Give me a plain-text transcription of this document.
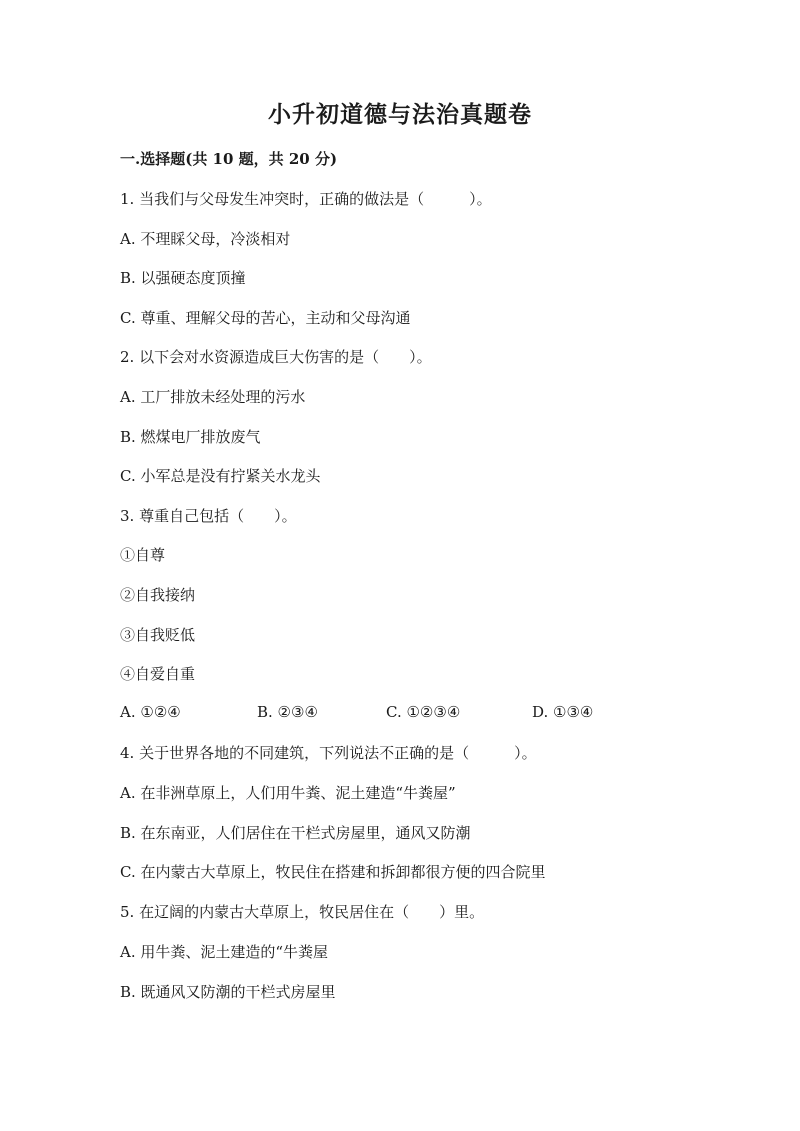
小升初道德与法治真题卷
一.选择题(共 10 题，共 20 分)
1. 当我们与父母发生冲突时，正确的做法是（　　　）。
A. 不理睬父母，冷淡相对
B. 以强硬态度顶撞
C. 尊重、理解父母的苦心，主动和父母沟通
2. 以下会对水资源造成巨大伤害的是（　　）。
A. 工厂排放未经处理的污水
B. 燃煤电厂排放废气
C. 小军总是没有拧紧关水龙头
3. 尊重自己包括（　　）。
①自尊
②自我接纳
③自我贬低
④自爱自重
A. ①②④	B. ②③④	C. ①②③④	D. ①③④
4. 关于世界各地的不同建筑，下列说法不正确的是（　　　）。
A. 在非洲草原上，人们用牛粪、泥土建造“牛粪屋”
B. 在东南亚，人们居住在干栏式房屋里，通风又防潮
C. 在内蒙古大草原上，牧民住在搭建和拆卸都很方便的四合院里
5. 在辽阔的内蒙古大草原上，牧民居住在（　　）里。
A. 用牛粪、泥土建造的“牛粪屋
B. 既通风又防潮的干栏式房屋里
